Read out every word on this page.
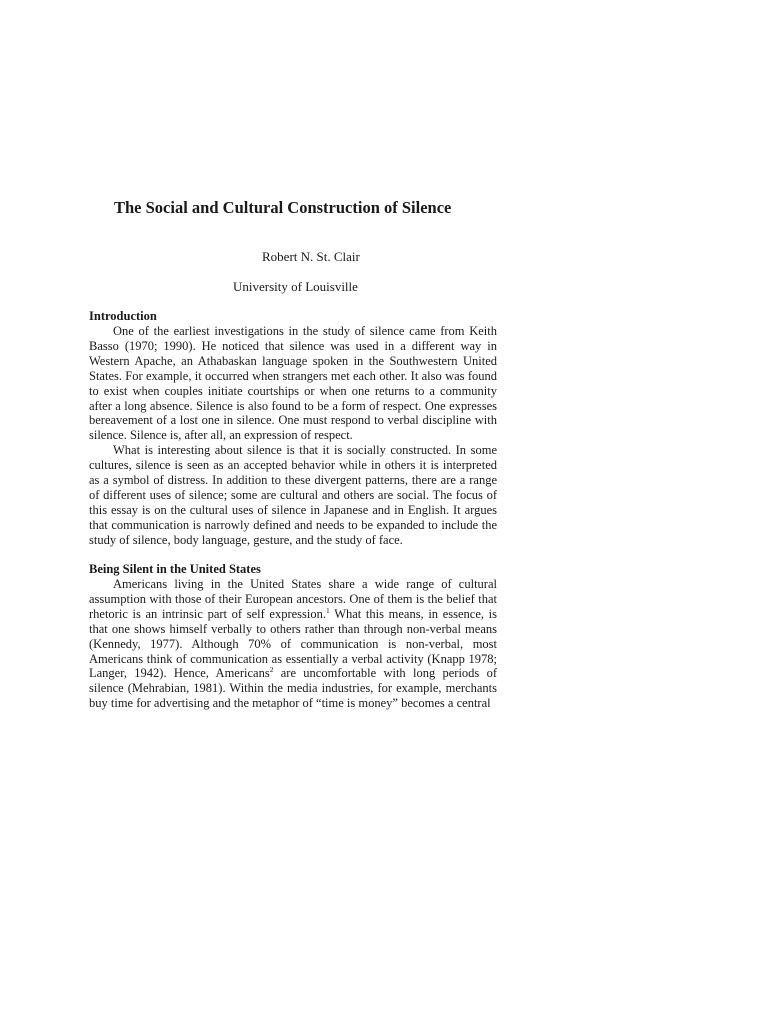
The Social and Cultural Construction of Silence

Robert N. St. Clair

University of Louisville

Introduction

One of the earliest investigations in the study of silence came from Keith Basso (1970; 1990). He noticed that silence was used in a different way in Western Apache, an Athabaskan language spoken in the Southwestern United States. For example, it occurred when strangers met each other. It also was found to exist when couples initiate courtships or when one returns to a community after a long absence. Silence is also found to be a form of respect. One expresses bereavement of a lost one in silence. One must respond to verbal discipline with silence. Silence is, after all, an expression of respect.

What is interesting about silence is that it is socially constructed. In some cultures, silence is seen as an accepted behavior while in others it is interpreted as a symbol of distress. In addition to these divergent patterns, there are a range of different uses of silence; some are cultural and others are social. The focus of this essay is on the cultural uses of silence in Japanese and in English. It argues that communication is narrowly defined and needs to be expanded to include the study of silence, body language, gesture, and the study of face.

Being Silent in the United States

Americans living in the United States share a wide range of cultural assumption with those of their European ancestors. One of them is the belief that rhetoric is an intrinsic part of self expression.$^1$ What this means, in essence, is that one shows himself verbally to others rather than through non-verbal means (Kennedy, 1977). Although 70% of communication is non-verbal, most Americans think of communication as essentially a verbal activity (Knapp 1978; Langer, 1942). Hence, Americans$^2$ are uncomfortable with long periods of silence (Mehrabian, 1981). Within the media industries, for example, merchants buy time for advertising and the metaphor of “time is money” becomes a central
